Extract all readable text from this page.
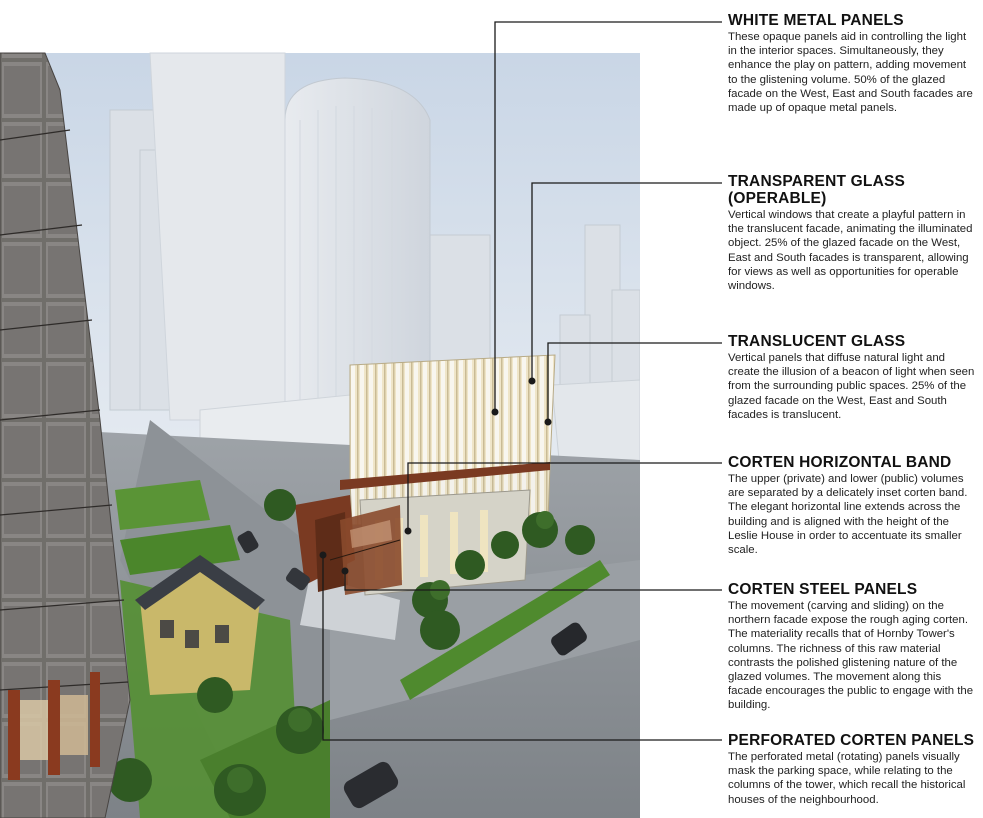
WHITE METAL PANELS

These opaque panels aid in controlling the light in the interior spaces. Simultaneously, they enhance the play on pattern, adding movement to the glistening volume. 50% of the glazed facade on the West, East and South facades are made up of opaque metal panels.

TRANSPARENT GLASS (OPERABLE)

Vertical windows that create a playful pattern in the translucent facade, animating the illuminated object. 25% of the glazed facade on the West, East and South facades is transparent, allowing for views as well as opportunities for operable windows.

TRANSLUCENT GLASS

Vertical panels that diffuse natural light and create the illusion of a beacon of light when seen from the surrounding public spaces. 25% of the glazed facade on the West, East and South facades is translucent.

CORTEN HORIZONTAL BAND

The upper (private) and lower (public) volumes are separated by a delicately inset corten band. The elegant horizontal line extends across the building and is aligned with the height of the Leslie House in order to accentuate its smaller scale.

CORTEN STEEL PANELS

The movement (carving and sliding) on the northern facade expose the rough aging corten. The materiality recalls that of Hornby Tower's columns. The richness of this raw material contrasts the polished glistening nature of the glazed volumes. The movement along this facade encourages the public to engage with the building.

PERFORATED CORTEN PANELS

The perforated metal (rotating) panels visually mask the parking space, while relating to the columns of the tower, which recall the historical houses of the neighbourhood.
